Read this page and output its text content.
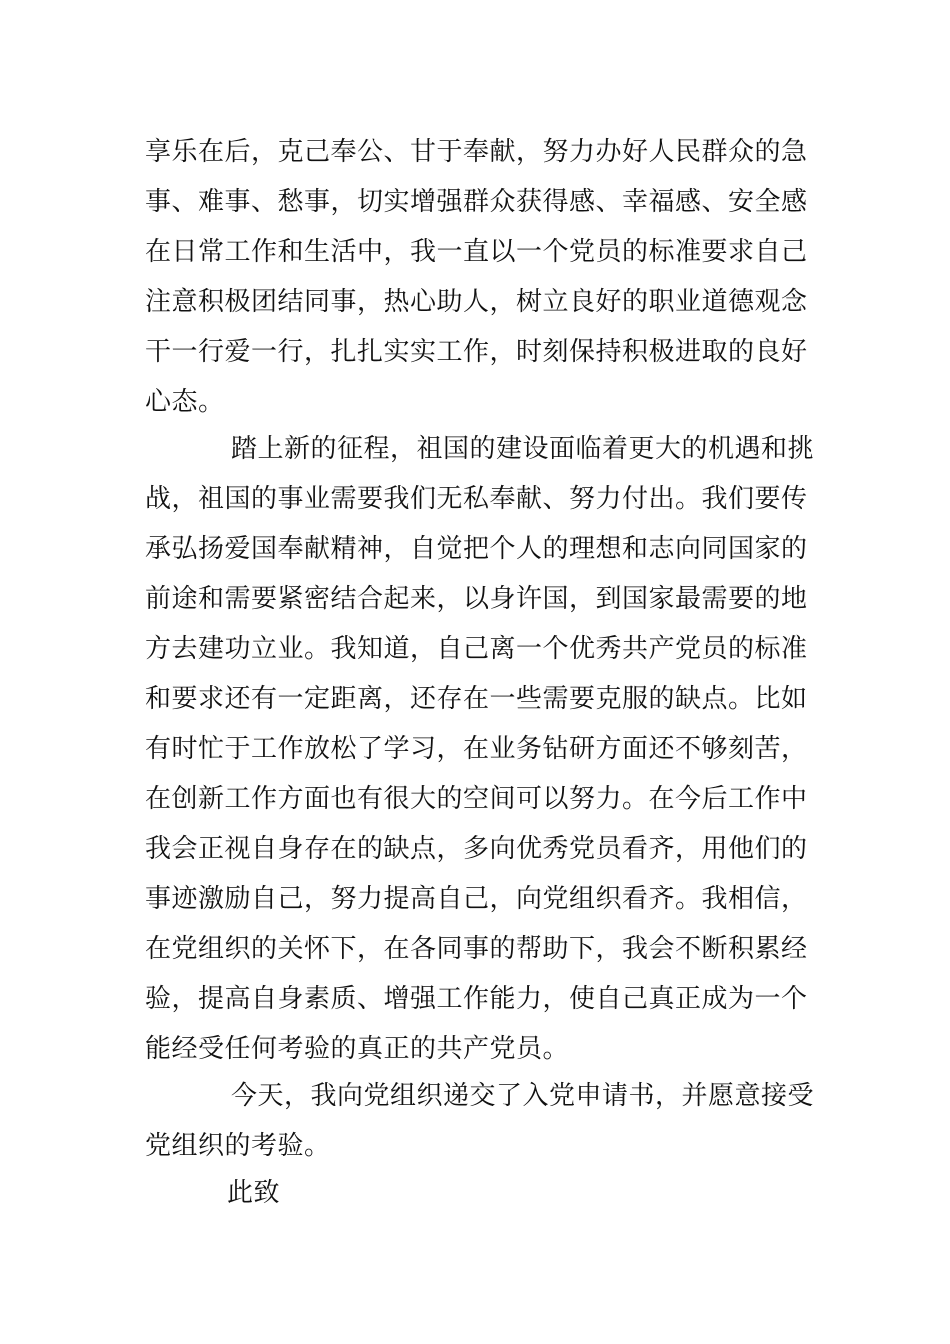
享乐在后，克己奉公、甘于奉献，努力办好人民群众的急
事、难事、愁事，切实增强群众获得感、幸福感、安全感
在日常工作和生活中，我一直以一个党员的标准要求自己
注意积极团结同事，热心助人，树立良好的职业道德观念
干一行爱一行，扎扎实实工作，时刻保持积极进取的良好
心态。
踏上新的征程，祖国的建设面临着更大的机遇和挑
战，祖国的事业需要我们无私奉献、努力付出。我们要传
承弘扬爱国奉献精神，自觉把个人的理想和志向同国家的
前途和需要紧密结合起来，以身许国，到国家最需要的地
方去建功立业。我知道，自己离一个优秀共产党员的标准
和要求还有一定距离，还存在一些需要克服的缺点。比如
有时忙于工作放松了学习，在业务钻研方面还不够刻苦，
在创新工作方面也有很大的空间可以努力。在今后工作中
我会正视自身存在的缺点，多向优秀党员看齐，用他们的
事迹激励自己，努力提高自己，向党组织看齐。我相信，
在党组织的关怀下，在各同事的帮助下，我会不断积累经
验，提高自身素质、增强工作能力，使自己真正成为一个
能经受任何考验的真正的共产党员。
今天，我向党组织递交了入党申请书，并愿意接受
党组织的考验。
此致
